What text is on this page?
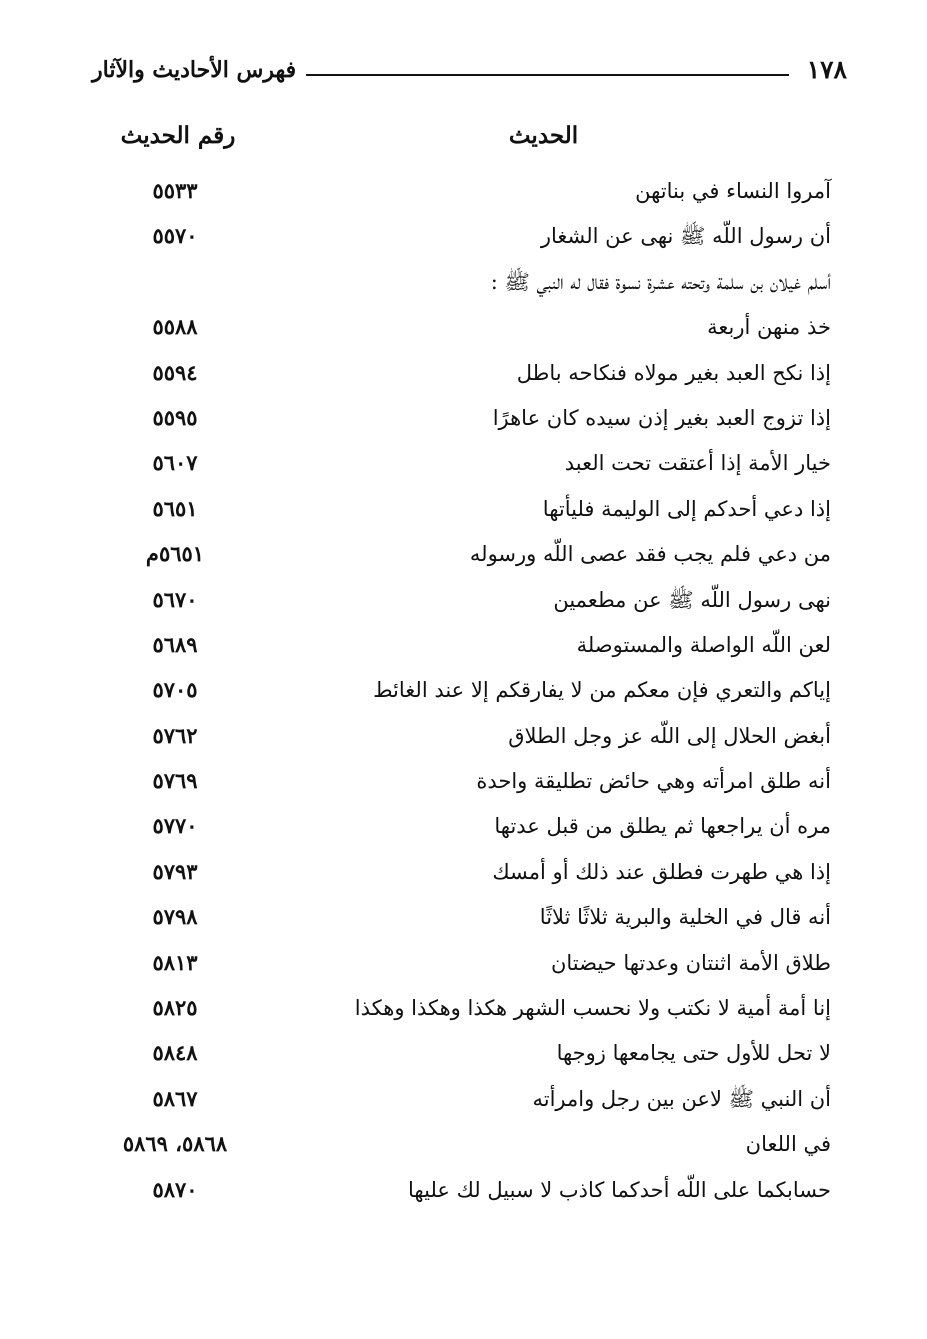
فهرس الأحاديث والآثار	١٧٨
الحديث
رقم الحديث
آمروا النساء في بناتهن
٥٥٣٣
أن رسول اللّه ﷺ نهى عن الشغار
٥٥٧٠
أسلم غيلان بن سلمة وتحته عشرة نسوة فقال له النبي ﷺ :
خذ منهن أربعة
٥٥٨٨
إذا نكح العبد بغير مولاه فنكاحه باطل
٥٥٩٤
إذا تزوج العبد بغير إذن سيده كان عاهرًا
٥٥٩٥
خيار الأمة إذا أعتقت تحت العبد
٥٦٠٧
إذا دعي أحدكم إلى الوليمة فليأتها
٥٦٥١
من دعي فلم يجب فقد عصى اللّه ورسوله
٥٦٥١م
نهى رسول اللّه ﷺ عن مطعمين
٥٦٧٠
لعن اللّه الواصلة والمستوصلة
٥٦٨٩
إياكم والتعري فإن معكم من لا يفارقكم إلا عند الغائط
٥٧٠٥
أبغض الحلال إلى اللّه عز وجل الطلاق
٥٧٦٢
أنه طلق امرأته وهي حائض تطليقة واحدة
٥٧٦٩
مره أن يراجعها ثم يطلق من قبل عدتها
٥٧٧٠
إذا هي طهرت فطلق عند ذلك أو أمسك
٥٧٩٣
أنه قال في الخلية والبرية ثلاثًا ثلاثًا
٥٧٩٨
طلاق الأمة اثنتان وعدتها حيضتان
٥٨١٣
إنا أمة أمية لا نكتب ولا نحسب الشهر هكذا وهكذا وهكذا
٥٨٢٥
لا تحل للأول حتى يجامعها زوجها
٥٨٤٨
أن النبي ﷺ لاعن بين رجل وامرأته
٥٨٦٧
في اللعان
٥٨٦٨، ٥٨٦٩
حسابكما على اللّه أحدكما كاذب لا سبيل لك عليها
٥٨٧٠
